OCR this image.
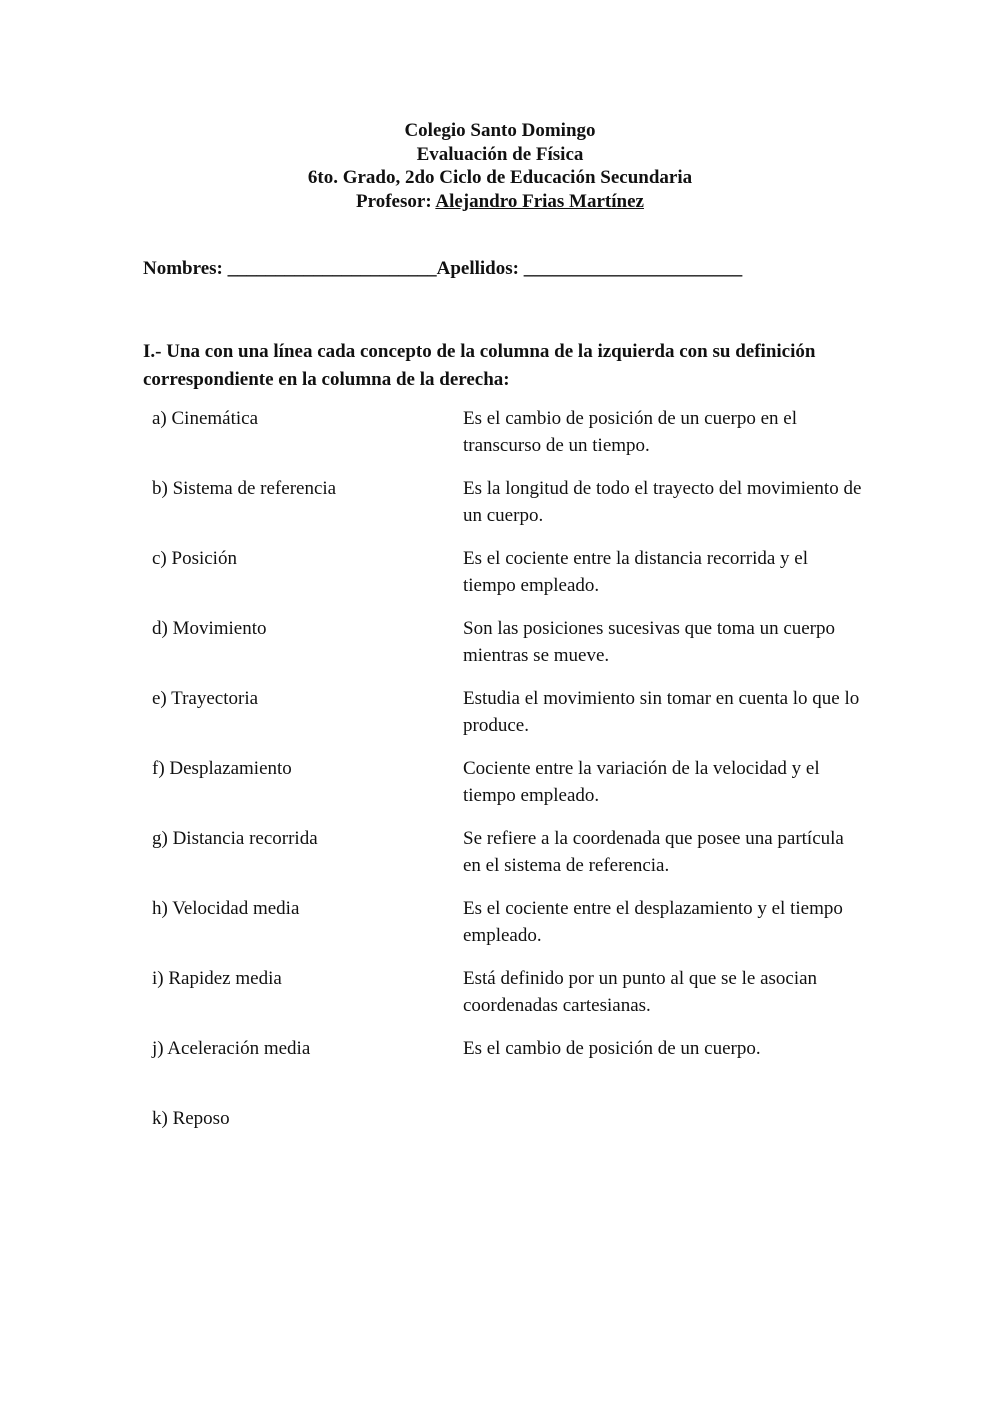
Colegio Santo Domingo
Evaluación de Física
6to. Grado, 2do Ciclo de Educación Secundaria
Profesor: Alejandro Frias Martínez
Nombres: ______________________Apellidos: _______________________
I.- Una con una línea cada concepto de la columna de la izquierda con su definición correspondiente en la columna de la derecha:
a) Cinemática	Es el cambio de posición de un cuerpo en el transcurso de un tiempo.
b) Sistema de referencia	Es la longitud de todo el trayecto del movimiento de un cuerpo.
c) Posición	Es el cociente entre la distancia recorrida y el tiempo empleado.
d) Movimiento	Son las posiciones sucesivas que toma un cuerpo mientras se mueve.
e) Trayectoria	Estudia el movimiento sin tomar en cuenta lo que lo produce.
f) Desplazamiento	Cociente entre la variación de la velocidad y el tiempo empleado.
g) Distancia recorrida	Se refiere a la coordenada que posee una partícula en el sistema de referencia.
h) Velocidad media	Es el cociente entre el desplazamiento y el tiempo empleado.
i) Rapidez media	Está definido por un punto al que se le asocian coordenadas cartesianas.
j) Aceleración media	Es el cambio de posición de un cuerpo.
k) Reposo
